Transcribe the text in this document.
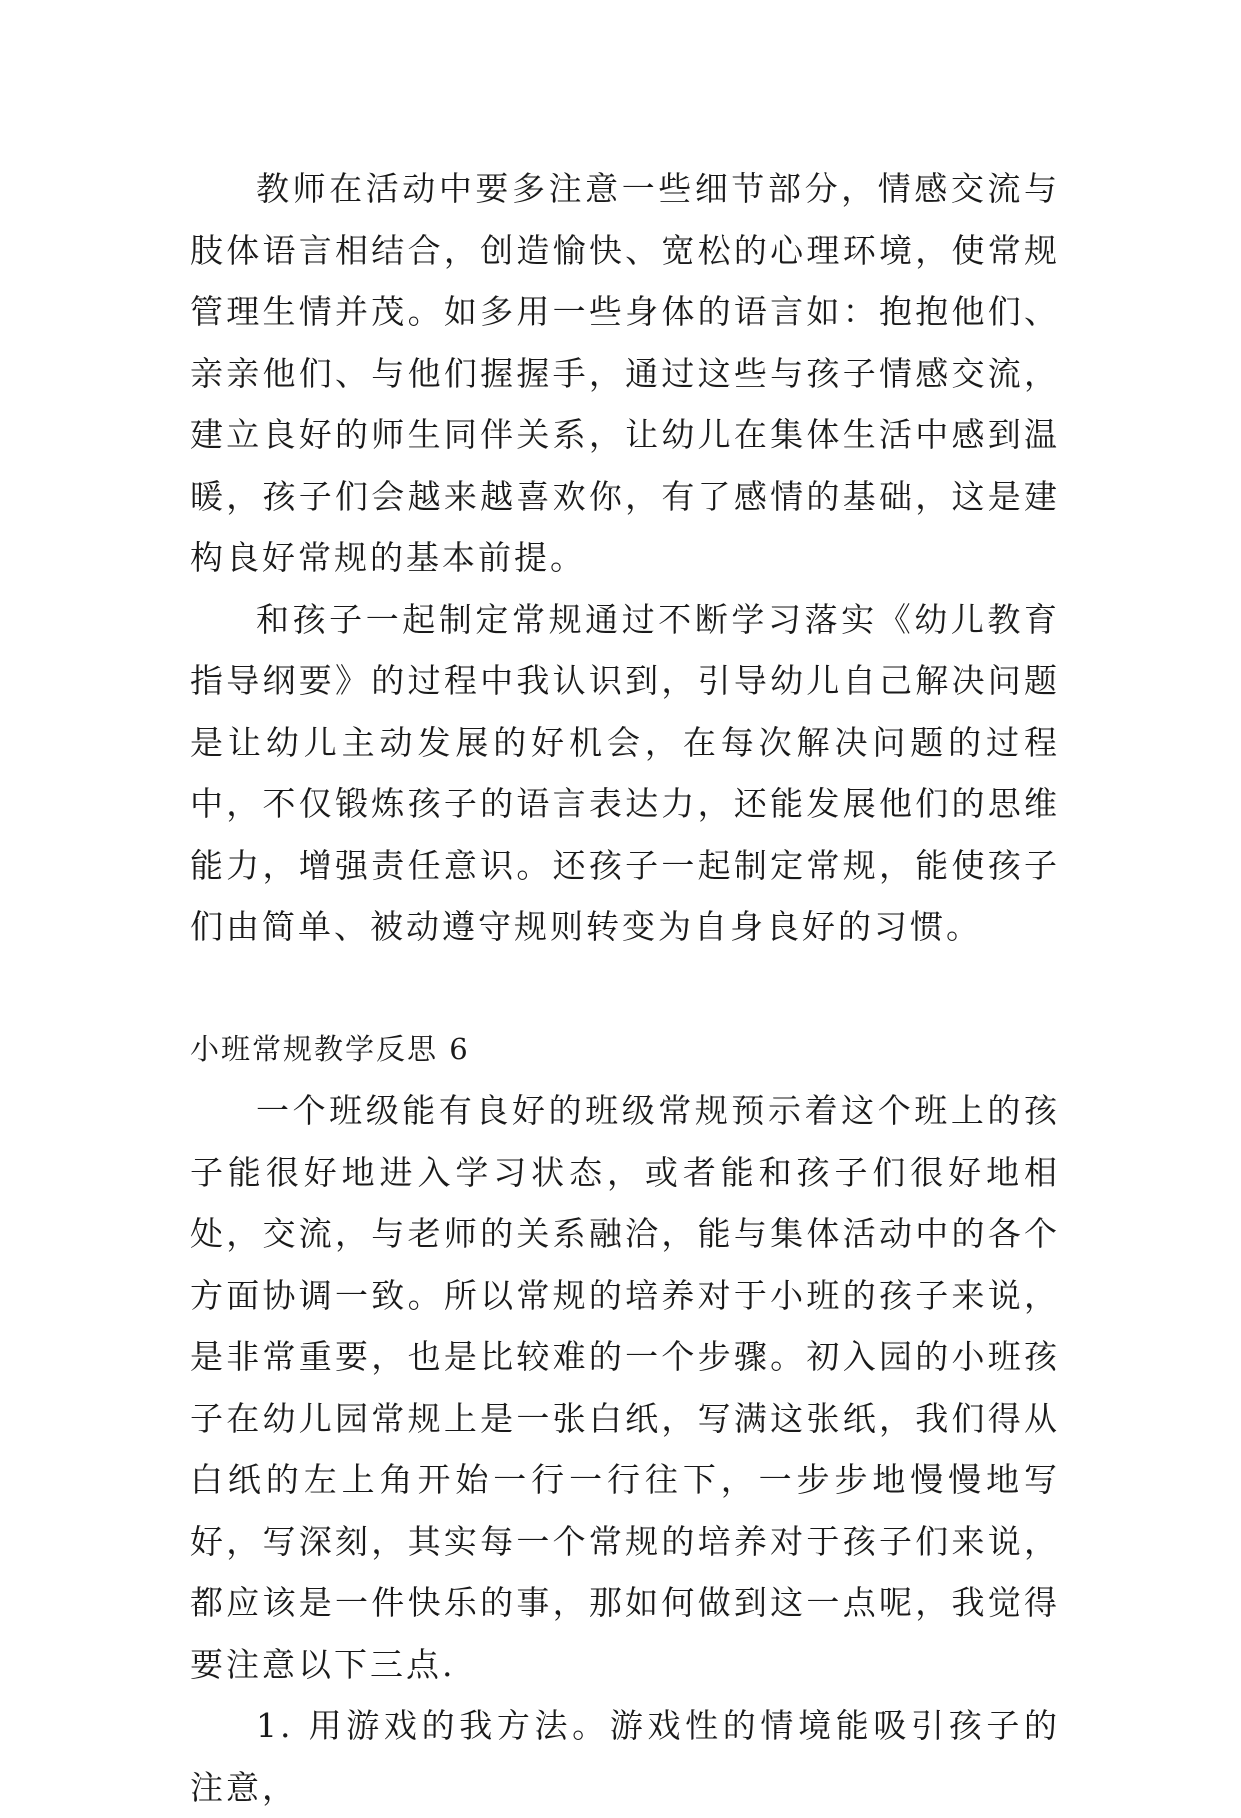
教师在活动中要多注意一些细节部分，情感交流与肢体语言相结合，创造愉快、宽松的心理环境，使常规管理生情并茂。如多用一些身体的语言如：抱抱他们、亲亲他们、与他们握握手，通过这些与孩子情感交流，建立良好的师生同伴关系，让幼儿在集体生活中感到温暖，孩子们会越来越喜欢你，有了感情的基础，这是建构良好常规的基本前提。

和孩子一起制定常规通过不断学习落实《幼儿教育指导纲要》的过程中我认识到，引导幼儿自己解决问题是让幼儿主动发展的好机会，在每次解决问题的过程中，不仅锻炼孩子的语言表达力，还能发展他们的思维能力，增强责任意识。还孩子一起制定常规，能使孩子们由简单、被动遵守规则转变为自身良好的习惯。

小班常规教学反思 6

一个班级能有良好的班级常规预示着这个班上的孩子能很好地进入学习状态，或者能和孩子们很好地相处，交流，与老师的关系融洽，能与集体活动中的各个方面协调一致。所以常规的培养对于小班的孩子来说，是非常重要，也是比较难的一个步骤。初入园的小班孩子在幼儿园常规上是一张白纸，写满这张纸，我们得从白纸的左上角开始一行一行往下，一步步地慢慢地写好，写深刻，其实每一个常规的培养对于孩子们来说，都应该是一件快乐的事，那如何做到这一点呢，我觉得要注意以下三点.

1. 用游戏的我方法。游戏性的情境能吸引孩子的注意，
